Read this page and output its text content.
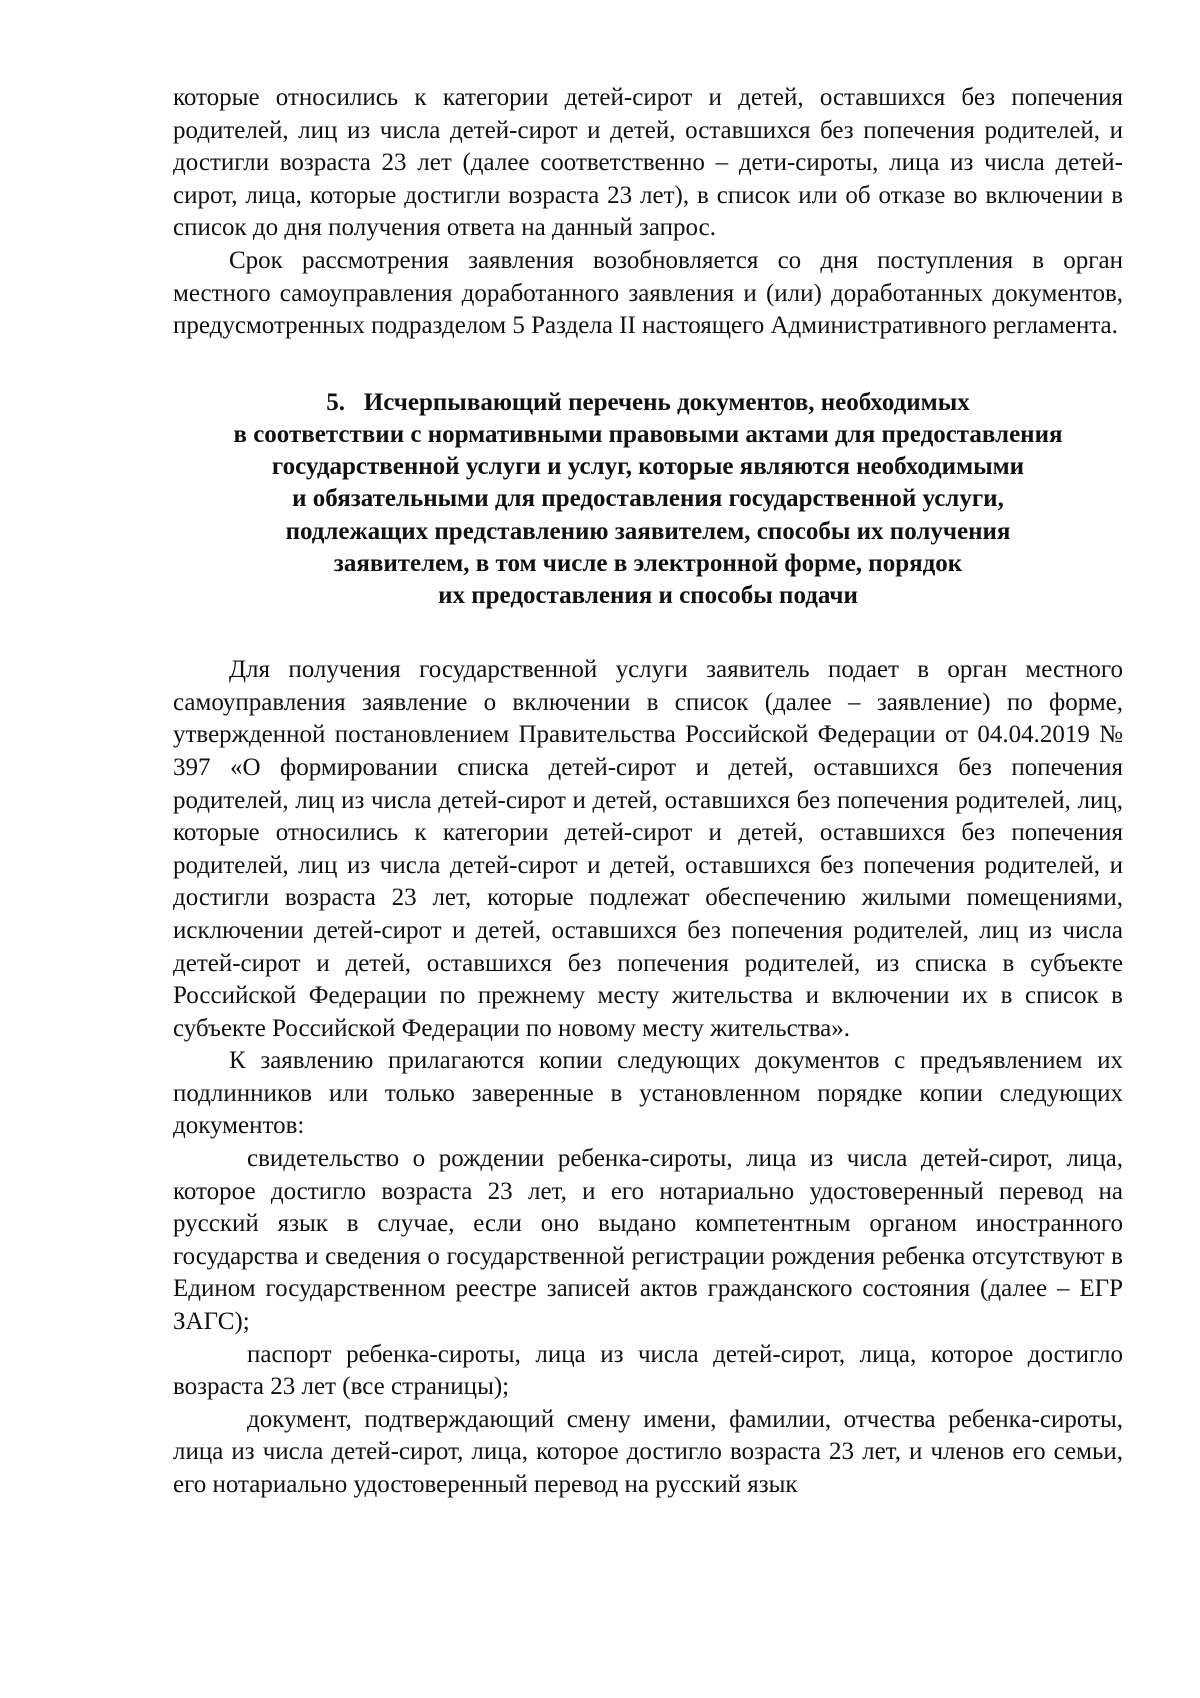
которые относились к категории детей-сирот и детей, оставшихся без попечения родителей, лиц из числа детей-сирот и детей, оставшихся без попечения родителей, и достигли возраста 23 лет (далее соответственно – дети-сироты, лица из числа детей-сирот, лица, которые достигли возраста 23 лет), в список или об отказе во включении в список до дня получения ответа на данный запрос.

Срок рассмотрения заявления возобновляется со дня поступления в орган местного самоуправления доработанного заявления и (или) доработанных документов, предусмотренных подразделом 5 Раздела II настоящего Административного регламента.

5.   Исчерпывающий перечень документов, необходимых
в соответствии с нормативными правовыми актами для предоставления
государственной услуги и услуг, которые являются необходимыми
и обязательными для предоставления государственной услуги,
подлежащих представлению заявителем, способы их получения
заявителем, в том числе в электронной форме, порядок
их предоставления и способы подачи

Для получения государственной услуги заявитель подает в орган местного самоуправления заявление о включении в список (далее – заявление) по форме, утвержденной постановлением Правительства Российской Федерации от 04.04.2019 № 397 «О формировании списка детей-сирот и детей, оставшихся без попечения родителей, лиц из числа детей-сирот и детей, оставшихся без попечения родителей, лиц, которые относились к категории детей-сирот и детей, оставшихся без попечения родителей, лиц из числа детей-сирот и детей, оставшихся без попечения родителей, и достигли возраста 23 лет, которые подлежат обеспечению жилыми помещениями, исключении детей-сирот и детей, оставшихся без попечения родителей, лиц из числа детей-сирот и детей, оставшихся без попечения родителей, из списка в субъекте Российской Федерации по прежнему месту жительства и включении их в список в субъекте Российской Федерации по новому месту жительства».

К заявлению прилагаются копии следующих документов с предъявлением их подлинников или только заверенные в установленном порядке копии следующих документов:

свидетельство о рождении ребенка-сироты, лица из числа детей-сирот, лица, которое достигло возраста 23 лет, и его нотариально удостоверенный перевод на русский язык в случае, если оно выдано компетентным органом иностранного государства и сведения о государственной регистрации рождения ребенка отсутствуют в Едином государственном реестре записей актов гражданского состояния (далее – ЕГР ЗАГС);

паспорт ребенка-сироты, лица из числа детей-сирот, лица, которое достигло возраста 23 лет (все страницы);

документ, подтверждающий смену имени, фамилии, отчества ребенка-сироты, лица из числа детей-сирот, лица, которое достигло возраста 23 лет, и членов его семьи, его нотариально удостоверенный перевод на русский язык
